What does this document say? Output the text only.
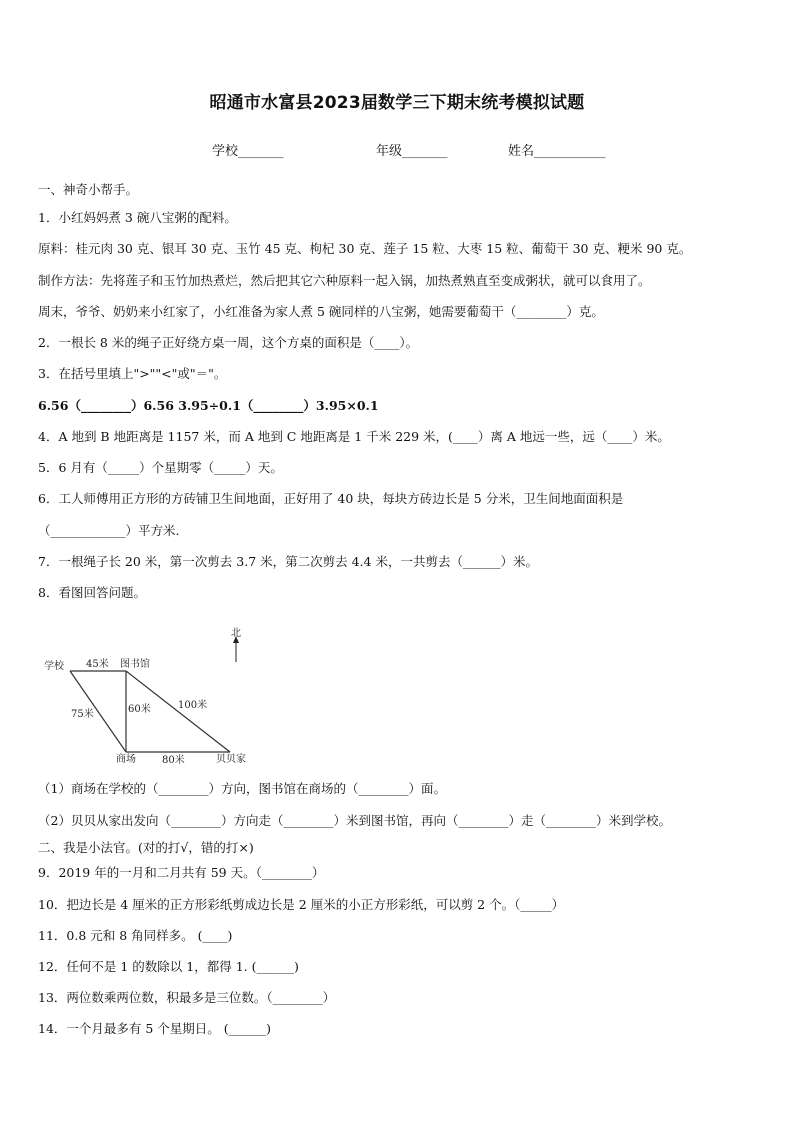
昭通市水富县2023届数学三下期末统考模拟试题
学校_______	年级_______	姓名___________
一、神奇小帮手。
1．小红妈妈煮 3 碗八宝粥的配料。
原料：桂元肉 30 克、银耳 30 克、玉竹 45 克、枸杞 30 克、莲子 15 粒、大枣 15 粒、葡萄干 30 克、粳米 90 克。
制作方法：先将莲子和玉竹加热煮烂，然后把其它六种原料一起入锅，加热煮熟直至变成粥状，就可以食用了。
周末，爷爷、奶奶来小红家了，小红准备为家人煮 5 碗同样的八宝粥，她需要葡萄干（________）克。
2．一根长 8 米的绳子正好绕方桌一周，这个方桌的面积是（____）。
3．在括号里填上">""<"或"＝"。
6.56（________）6.56 3.95÷0.1（________）3.95×0.1
4．A 地到 B 地距离是 1157 米，而 A 地到 C 地距离是 1 千米 229 米，(____）离 A 地远一些，远（____）米。
5．6 月有（_____）个星期零（_____）天。
6．工人师傅用正方形的方砖铺卫生间地面，正好用了 40 块，每块方砖边长是 5 分米，卫生间地面面积是
（____________）平方米.
7．一根绳子长 20 米，第一次剪去 3.7 米，第二次剪去 4.4 米，一共剪去（______）米。
8．看图回答问题。
北
学校	图书馆
商场	贝贝家
45米
75米	60米	100米
80米
（1）商场在学校的（________）方向，图书馆在商场的（________）面。
（2）贝贝从家出发向（________）方向走（________）米到图书馆，再向（________）走（________）米到学校。
二、我是小法官。(对的打√，错的打×)
9．2019 年的一月和二月共有 59 天。（________）
10．把边长是 4 厘米的正方形彩纸剪成边长是 2 厘米的小正方形彩纸，可以剪 2 个。（_____）
11．0.8 元和 8 角同样多。 (____)
12．任何不是 1 的数除以 1，都得 1. (______)
13．两位数乘两位数，积最多是三位数。（________）
14．一个月最多有 5 个星期日。 (______)
